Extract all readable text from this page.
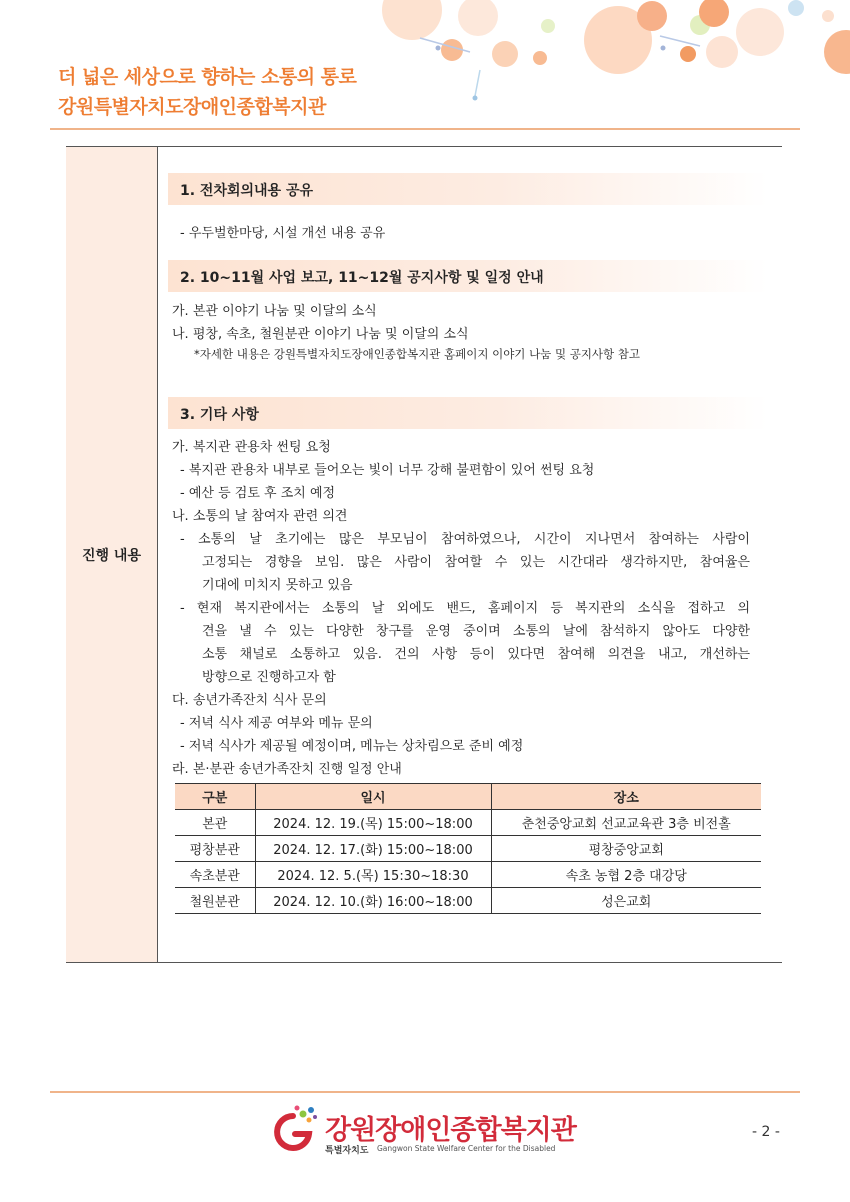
더 넓은 세상으로 향하는 소통의 통로
강원특별자치도장애인종합복지관
진행 내용
1. 전차회의내용 공유
- 우두벌한마당, 시설 개선 내용 공유
2. 10~11월 사업 보고, 11~12월 공지사항 및 일정 안내
가. 본관 이야기 나눔 및 이달의 소식
나. 평창, 속초, 철원분관 이야기 나눔 및 이달의 소식
*자세한 내용은 강원특별자치도장애인종합복지관 홈페이지 이야기 나눔 및 공지사항 참고
3. 기타 사항
가. 복지관 관용차 썬팅 요청
- 복지관 관용차 내부로 들어오는 빛이 너무 강해 불편함이 있어 썬팅 요청
- 예산 등 검토 후 조치 예정
나. 소통의 날 참여자 관련 의견
- 소통의 날 초기에는 많은 부모님이 참여하였으나, 시간이 지나면서 참여하는 사람이
고정되는 경향을 보임. 많은 사람이 참여할 수 있는 시간대라 생각하지만, 참여율은
기대에 미치지 못하고 있음
- 현재 복지관에서는 소통의 날 외에도 밴드, 홈페이지 등 복지관의 소식을 접하고 의
견을 낼 수 있는 다양한 창구를 운영 중이며 소통의 날에 참석하지 않아도 다양한
소통 채널로 소통하고 있음. 건의 사항 등이 있다면 참여해 의견을 내고, 개선하는
방향으로 진행하고자 함
다. 송년가족잔치 식사 문의
- 저녁 식사 제공 여부와 메뉴 문의
- 저녁 식사가 제공될 예정이며, 메뉴는 상차림으로 준비 예정
라. 본·분관 송년가족잔치 진행 일정 안내
구분	일시	장소
본관	2024. 12. 19.(목) 15:00~18:00	춘천중앙교회 선교교육관 3층 비전홀
평창분관	2024. 12. 17.(화) 15:00~18:00	평창중앙교회
속초분관	2024. 12. 5.(목) 15:30~18:30	속초 농협 2층 대강당
철원분관	2024. 12. 10.(화) 16:00~18:00	성은교회
강원장애인종합복지관
특별자치도 Gangwon State Welfare Center for the Disabled
- 2 -
